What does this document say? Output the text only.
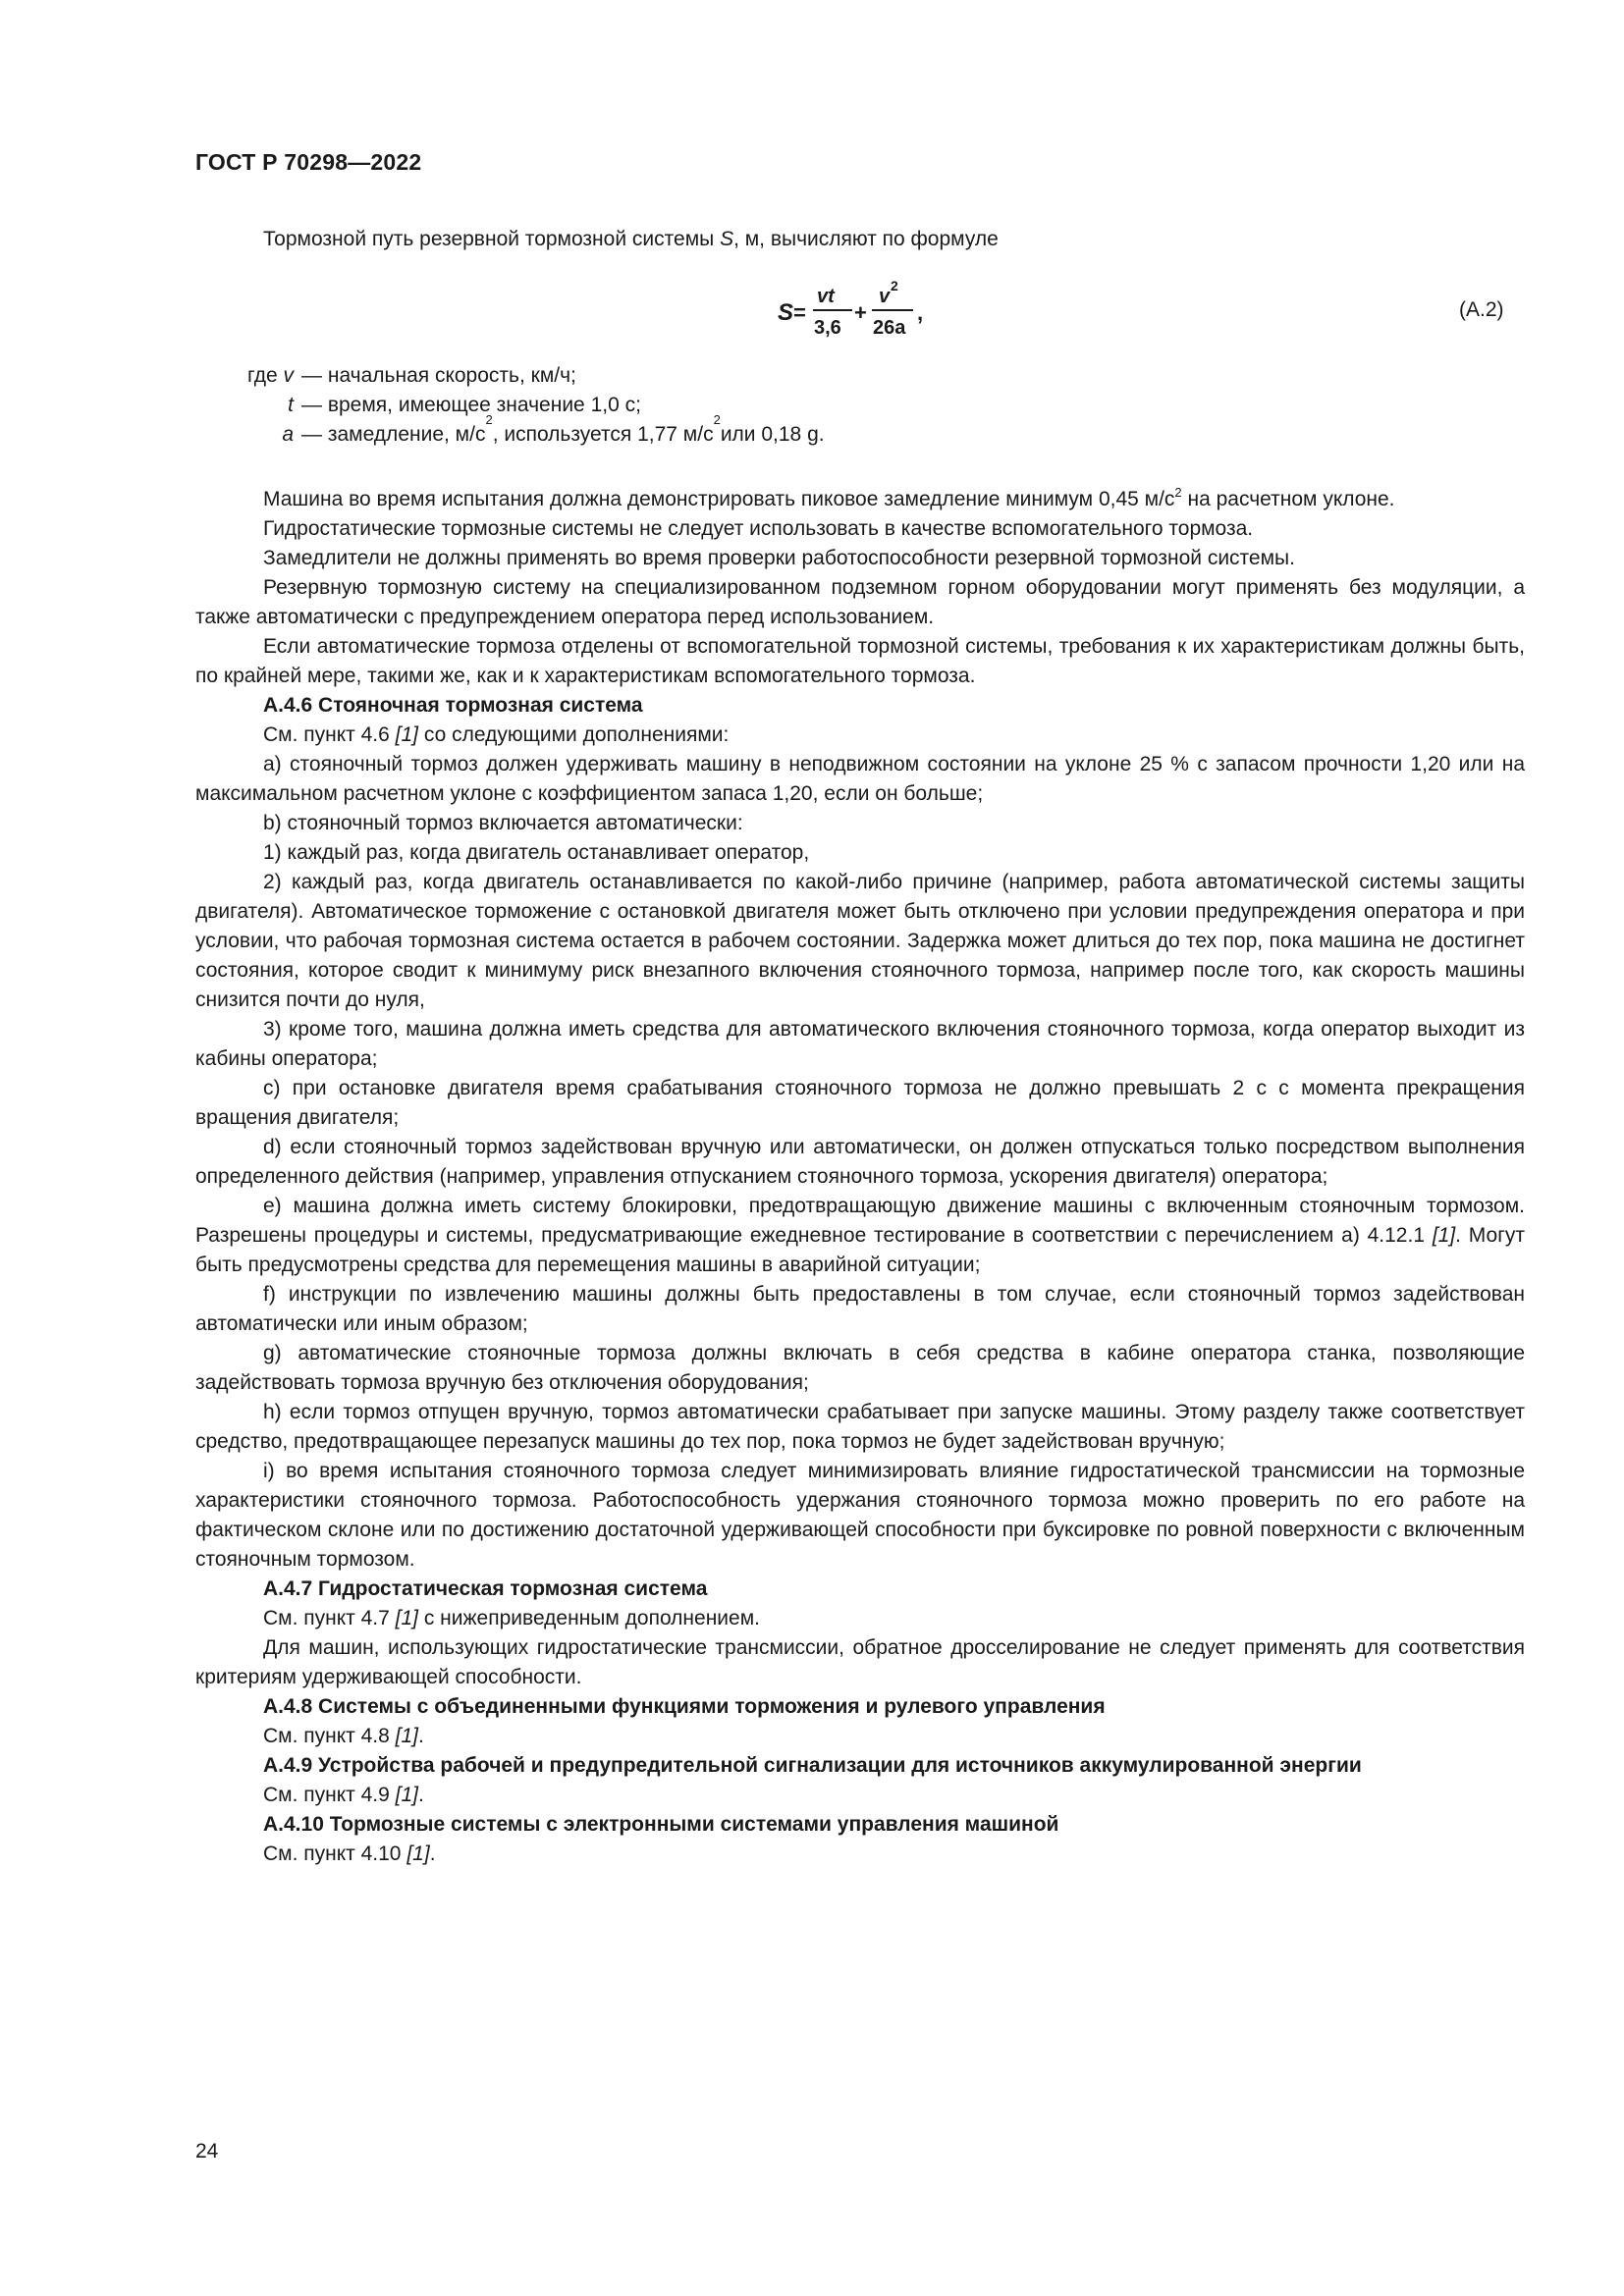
ГОСТ Р 70298—2022
Тормозной путь резервной тормозной системы S, м, вычисляют по формуле
S =
vt
3,6
+
v 2
26a
,	(A.2)
где v —
начальная скорость, км/ч;
t —
время, имеющее значение 1,0 с;
a —
замедление, м/с
2
, используется 1,77 м/с
2
или 0,18 g.

Машина во время испытания должна демонстрировать пиковое замедление минимум 0,45 $м/с^2$ на расчетном уклоне.

Гидростатические тормозные системы не следует использовать в качестве вспомогательного тормоза.

Замедлители не должны применять во время проверки работоспособности резервной тормозной системы.

Резервную тормозную систему на специализированном подземном горном оборудовании могут применять без модуляции, а также автоматически с предупреждением оператора перед использованием.

Если автоматические тормоза отделены от вспомогательной тормозной системы, требования к их характеристикам должны быть, по крайней мере, такими же, как и к характеристикам вспомогательного тормоза.

А.4.6 Стояночная тормозная система

См. пункт 4.6 [1] со следующими дополнениями:

a) стояночный тормоз должен удерживать машину в неподвижном состоянии на уклоне 25 % с запасом прочности 1,20 или на максимальном расчетном уклоне с коэффициентом запаса 1,20, если он больше;

b) стояночный тормоз включается автоматически:

1) каждый раз, когда двигатель останавливает оператор,

2) каждый раз, когда двигатель останавливается по какой-либо причине (например, работа автоматической системы защиты двигателя). Автоматическое торможение с остановкой двигателя может быть отключено при условии предупреждения оператора и при условии, что рабочая тормозная система остается в рабочем состоянии. Задержка может длиться до тех пор, пока машина не достигнет состояния, которое сводит к минимуму риск внезапного включения стояночного тормоза, например после того, как скорость машины снизится почти до нуля,

3) кроме того, машина должна иметь средства для автоматического включения стояночного тормоза, когда оператор выходит из кабины оператора;

c) при остановке двигателя время срабатывания стояночного тормоза не должно превышать 2 с с момента прекращения вращения двигателя;

d) если стояночный тормоз задействован вручную или автоматически, он должен отпускаться только посредством выполнения определенного действия (например, управления отпусканием стояночного тормоза, ускорения двигателя) оператора;

e) машина должна иметь систему блокировки, предотвращающую движение машины с включенным стояночным тормозом. Разрешены процедуры и системы, предусматривающие ежедневное тестирование в соответствии с перечислением а) 4.12.1 [1]. Могут быть предусмотрены средства для перемещения машины в аварийной ситуации;

f) инструкции по извлечению машины должны быть предоставлены в том случае, если стояночный тормоз задействован автоматически или иным образом;

g) автоматические стояночные тормоза должны включать в себя средства в кабине оператора станка, позволяющие задействовать тормоза вручную без отключения оборудования;

h) если тормоз отпущен вручную, тормоз автоматически срабатывает при запуске машины. Этому разделу также соответствует средство, предотвращающее перезапуск машины до тех пор, пока тормоз не будет задействован вручную;

i) во время испытания стояночного тормоза следует минимизировать влияние гидростатической трансмиссии на тормозные характеристики стояночного тормоза. Работоспособность удержания стояночного тормоза можно проверить по его работе на фактическом склоне или по достижению достаточной удерживающей способности при буксировке по ровной поверхности с включенным стояночным тормозом.

А.4.7 Гидростатическая тормозная система

См. пункт 4.7 [1] с нижеприведенным дополнением.

Для машин, использующих гидростатические трансмиссии, обратное дросселирование не следует применять для соответствия критериям удерживающей способности.

А.4.8 Системы с объединенными функциями торможения и рулевого управления

См. пункт 4.8 [1].

А.4.9 Устройства рабочей и предупредительной сигнализации для источников аккумулированной энергии

См. пункт 4.9 [1].

А.4.10 Тормозные системы с электронными системами управления машиной

См. пункт 4.10 [1].

24
